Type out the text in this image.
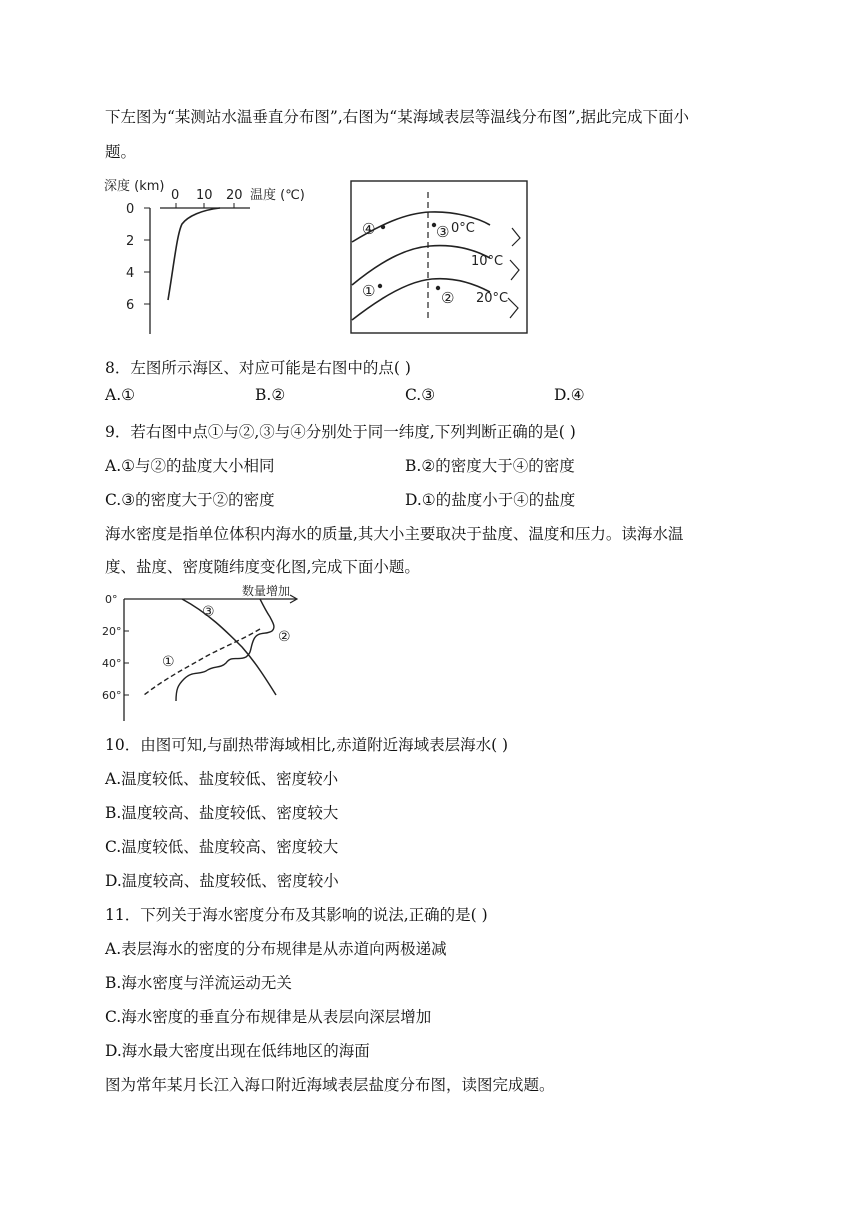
下左图为“某测站水温垂直分布图”,右图为“某海域表层等温线分布图”,据此完成下面小
题。
深度 (km)
0 10 20 温度 (℃)
0
2
4
6
0°C
10°C
20°C
④	③
①	②
8．左图所示海区、对应可能是右图中的点( )
A.①	B.②	C.③	D.④
9．若右图中点①与②,③与④分别处于同一纬度,下列判断正确的是( )
A.①与②的盐度大小相同	B.②的密度大于④的密度
C.③的密度大于②的密度	D.①的盐度小于④的盐度
海水密度是指单位体积内海水的质量,其大小主要取决于盐度、温度和压力。读海水温
度、盐度、密度随纬度变化图,完成下面小题。
数量增加
0°
20°
40°
60°
③
②
①
10．由图可知,与副热带海域相比,赤道附近海域表层海水( )
A.温度较低、盐度较低、密度较小
B.温度较高、盐度较低、密度较大
C.温度较低、盐度较高、密度较大
D.温度较高、盐度较低、密度较小
11．下列关于海水密度分布及其影响的说法,正确的是( )
A.表层海水的密度的分布规律是从赤道向两极递减
B.海水密度与洋流运动无关
C.海水密度的垂直分布规律是从表层向深层增加
D.海水最大密度出现在低纬地区的海面
图为常年某月长江入海口附近海域表层盐度分布图，读图完成题。
